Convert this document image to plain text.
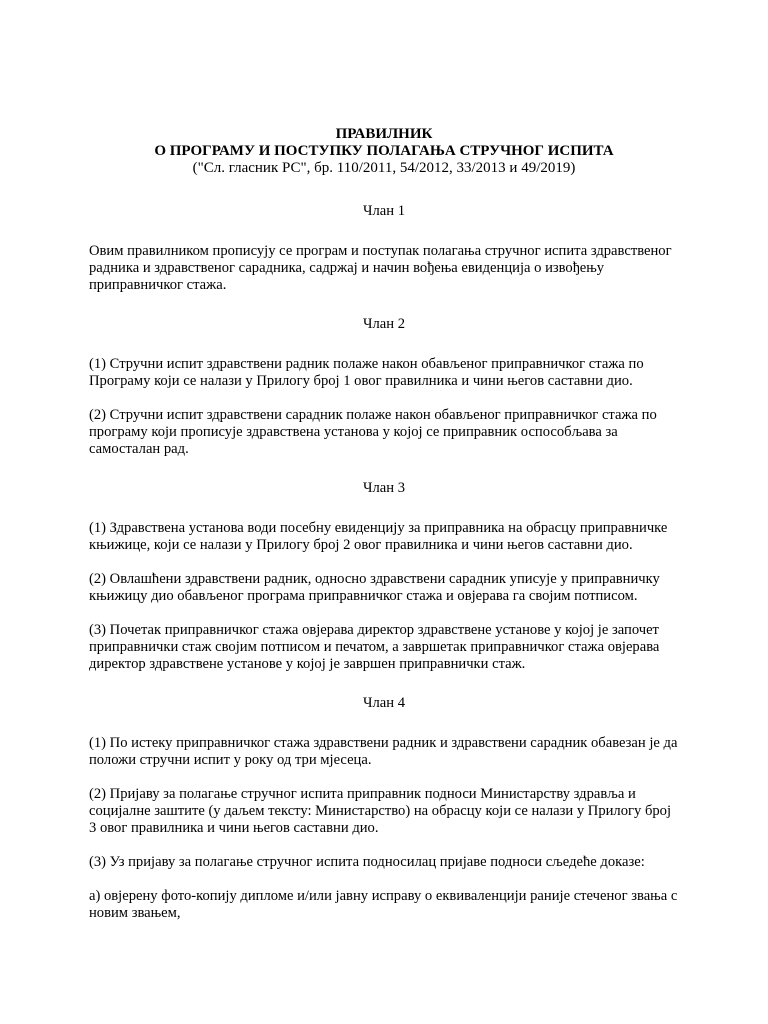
ПРАВИЛНИК
О ПРОГРАМУ И ПОСТУПКУ ПОЛАГАЊА СТРУЧНОГ ИСПИТА
("Сл. гласник РС", бр. 110/2011, 54/2012, 33/2013 и 49/2019)
Члан 1

Овим правилником прописују се програм и поступак полагања стручног испита здравственог радника и здравственог сарадника, садржај и начин вођења евиденција о извођењу приправничког стажа.

Члан 2

(1) Стручни испит здравствени радник полаже након обављеног приправничког стажа по Програму који се налази у Прилогу број 1 овог правилника и чини његов саставни дио.

(2) Стручни испит здравствени сарадник полаже након обављеног приправничког стажа по програму који прописује здравствена установа у којој се приправник оспособљава за самосталан рад.

Члан 3

(1) Здравствена установа води посебну евиденцију за приправника на обрасцу приправничке књижице, који се налази у Прилогу број 2 овог правилника и чини његов саставни дио.

(2) Овлашћени здравствени радник, односно здравствени сарадник уписује у приправничку књижицу дио обављеног програма приправничког стажа и овјерава га својим потписом.

(3) Почетак приправничког стажа овјерава директор здравствене установе у којој је започет приправнички стаж својим потписом и печатом, а завршетак приправничког стажа овјерава директор здравствене установе у којој је завршен приправнички стаж.

Члан 4

(1) По истеку приправничког стажа здравствени радник и здравствени сарадник обавезан је да положи стручни испит у року од три мјесеца.

(2) Пријаву за полагање стручног испита приправник подноси Министарству здравља и социјалне заштите (у даљем тексту: Министарство) на обрасцу који се налази у Прилогу број 3 овог правилника и чини његов саставни дио.

(3) Уз пријаву за полагање стручног испита подносилац пријаве подноси сљедеће доказе:

а) овјерену фото-копију дипломе и/или јавну исправу о еквиваленцији раније стеченог звања с новим звањем,
